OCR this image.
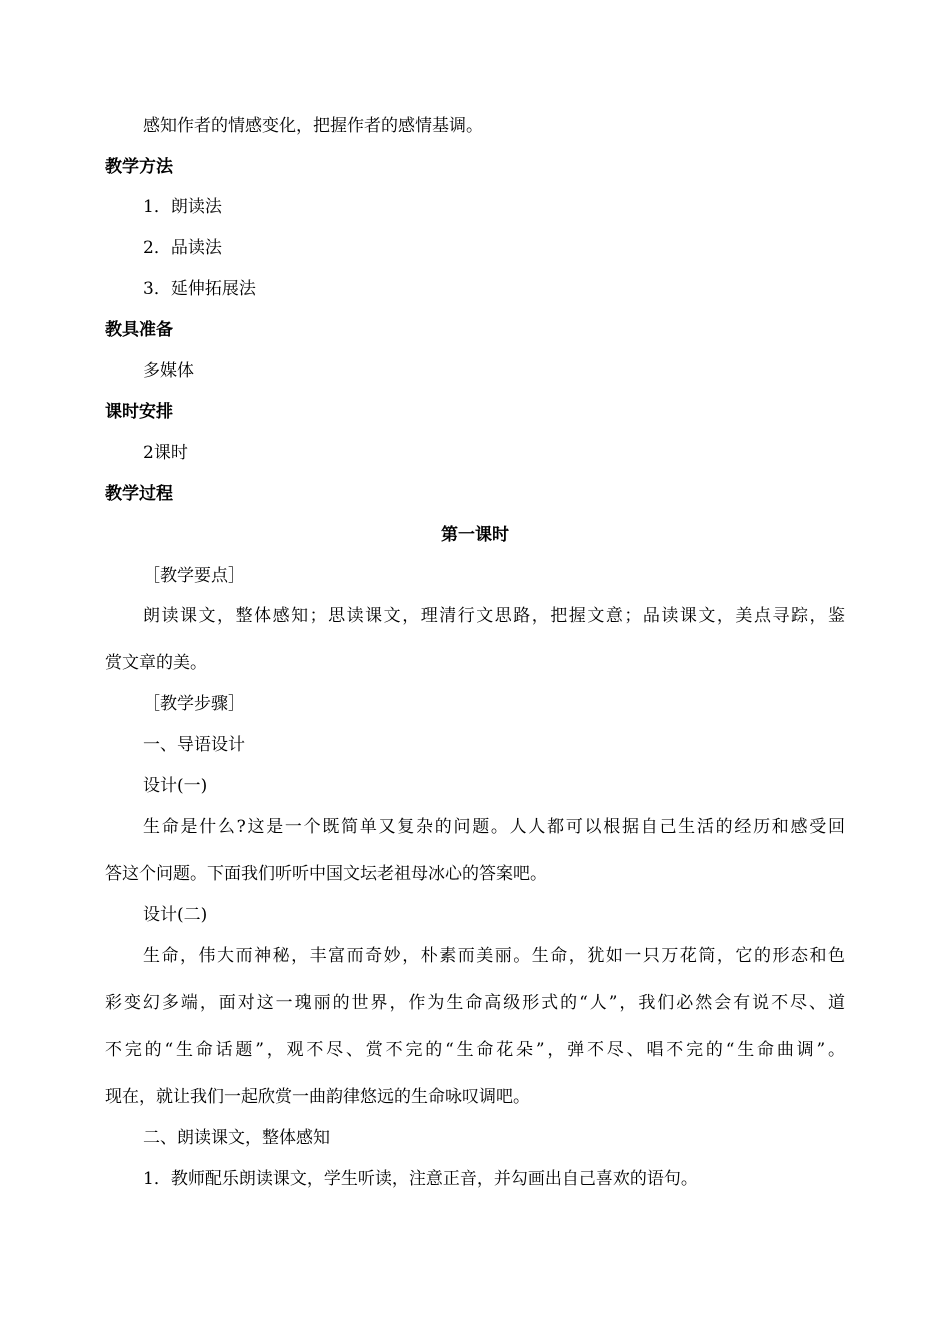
感知作者的情感变化，把握作者的感情基调。
教学方法
1．朗读法
2．品读法
3．延伸拓展法
教具准备
多媒体
课时安排
2课时
教学过程
第一课时
［教学要点］
朗读课文，整体感知；思读课文，理清行文思路，把握文意；品读课文，美点寻踪，鉴
赏文章的美。
［教学步骤］
一、导语设计
设计(一)
生命是什么?这是一个既简单又复杂的问题。人人都可以根据自己生活的经历和感受回
答这个问题。下面我们听听中国文坛老祖母冰心的答案吧。
设计(二)
生命，伟大而神秘，丰富而奇妙，朴素而美丽。生命，犹如一只万花筒，它的形态和色
彩变幻多端，面对这一瑰丽的世界，作为生命高级形式的“人”，我们必然会有说不尽、道
不完的“生命话题”，观不尽、赏不完的“生命花朵”，弹不尽、唱不完的“生命曲调”。
现在，就让我们一起欣赏一曲韵律悠远的生命咏叹调吧。
二、朗读课文，整体感知
1．教师配乐朗读课文，学生听读，注意正音，并勾画出自己喜欢的语句。
